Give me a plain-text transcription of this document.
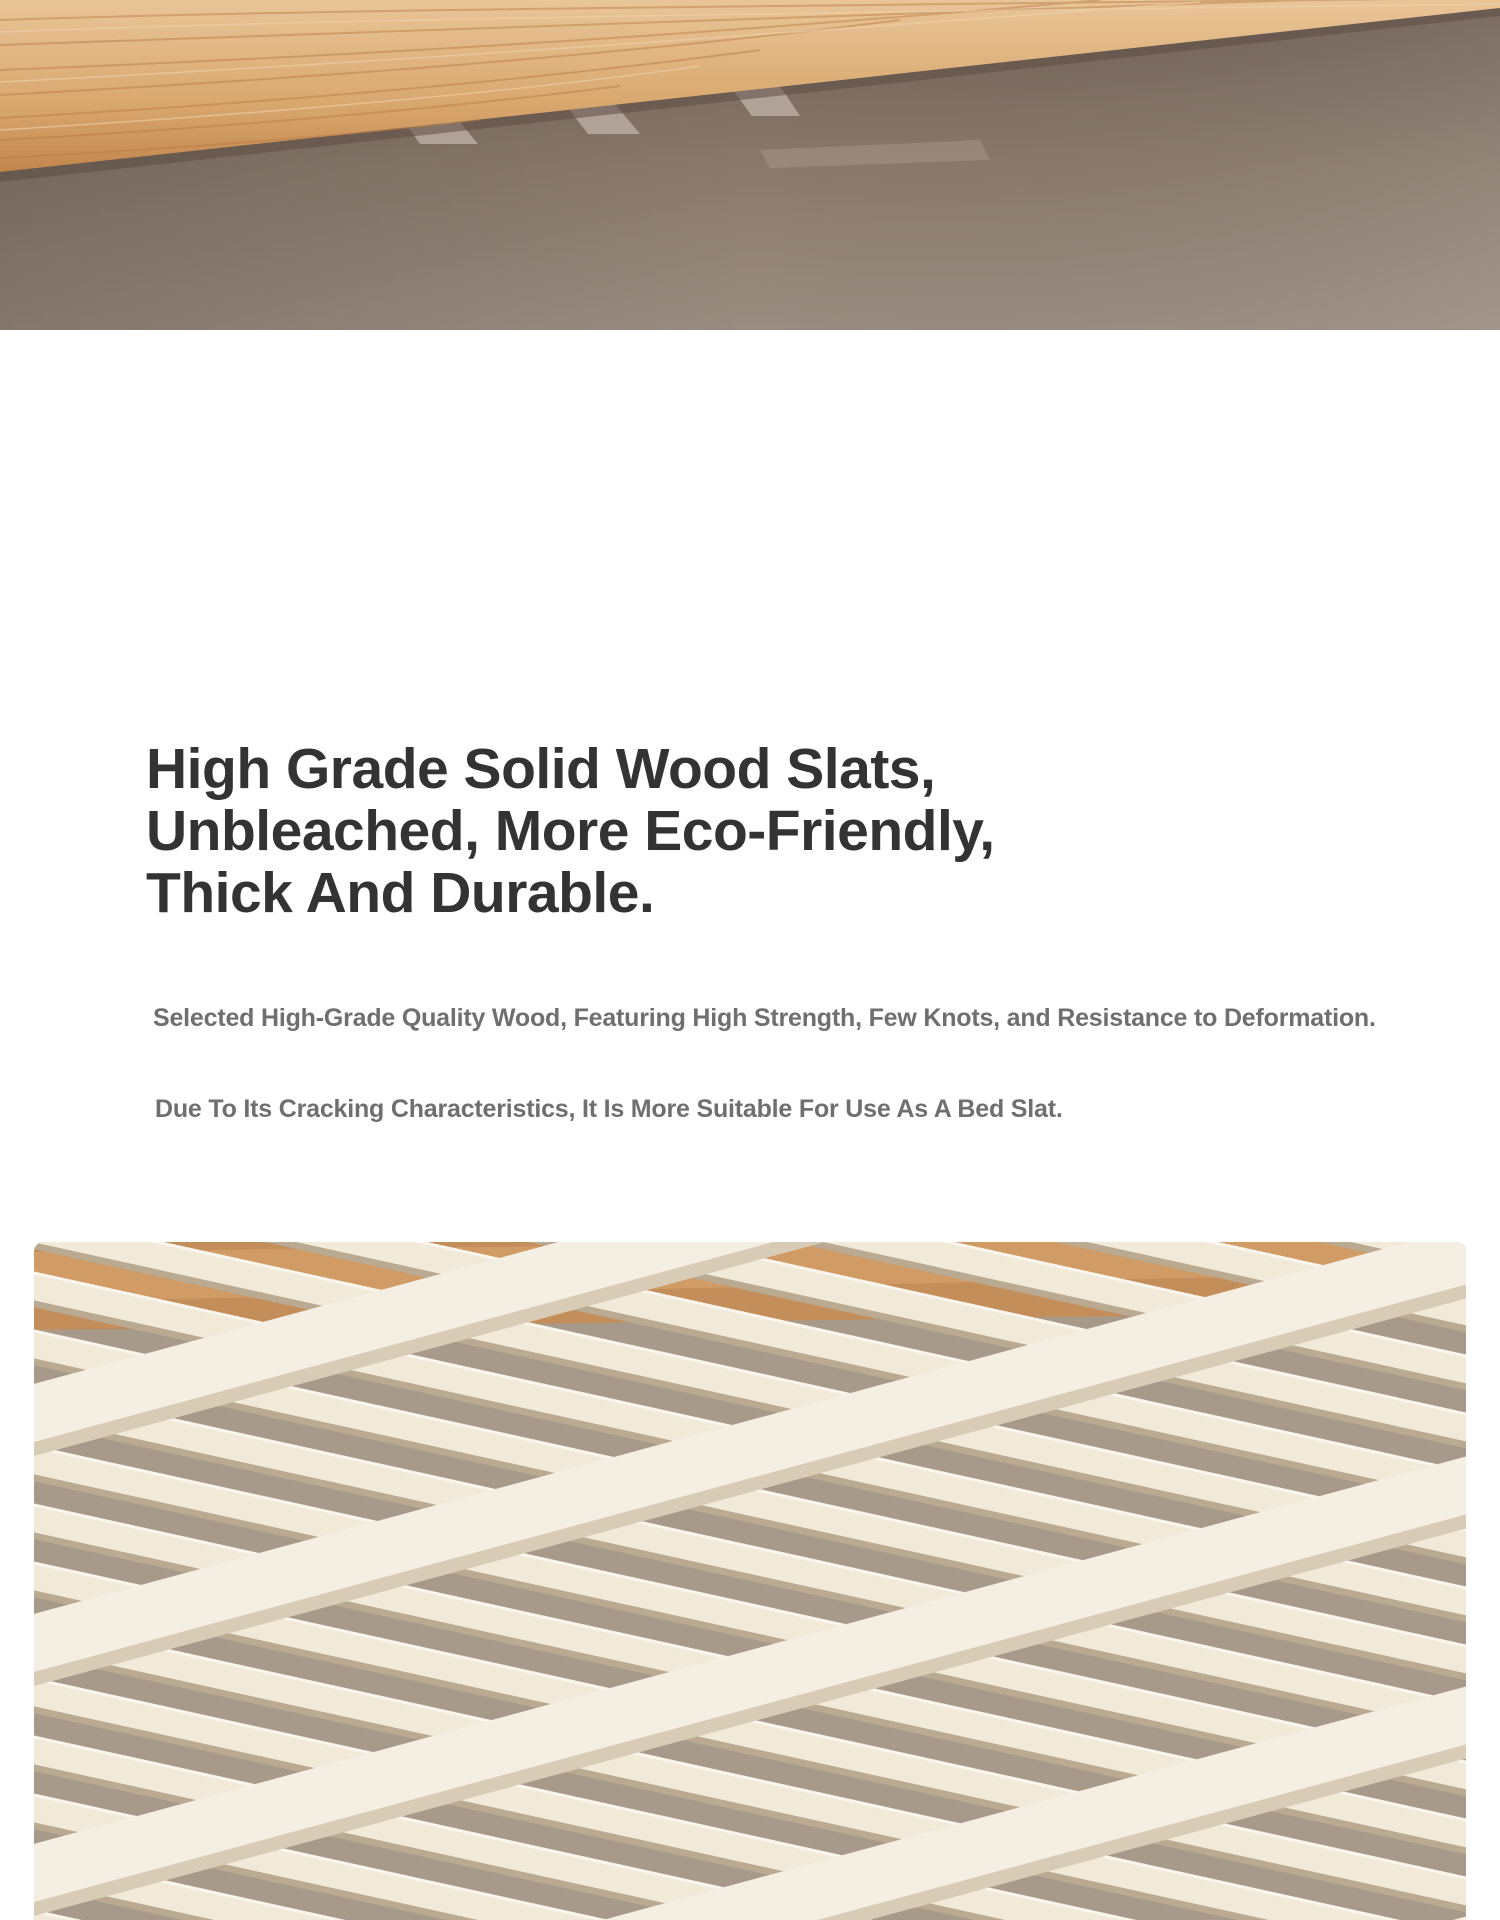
High Grade Solid Wood Slats,
Unbleached, More Eco-Friendly,
Thick And Durable.

Selected High-Grade Quality Wood, Featuring High Strength, Few Knots, and Resistance to Deformation.

Due To Its Cracking Characteristics, It Is More Suitable For Use As A Bed Slat.
